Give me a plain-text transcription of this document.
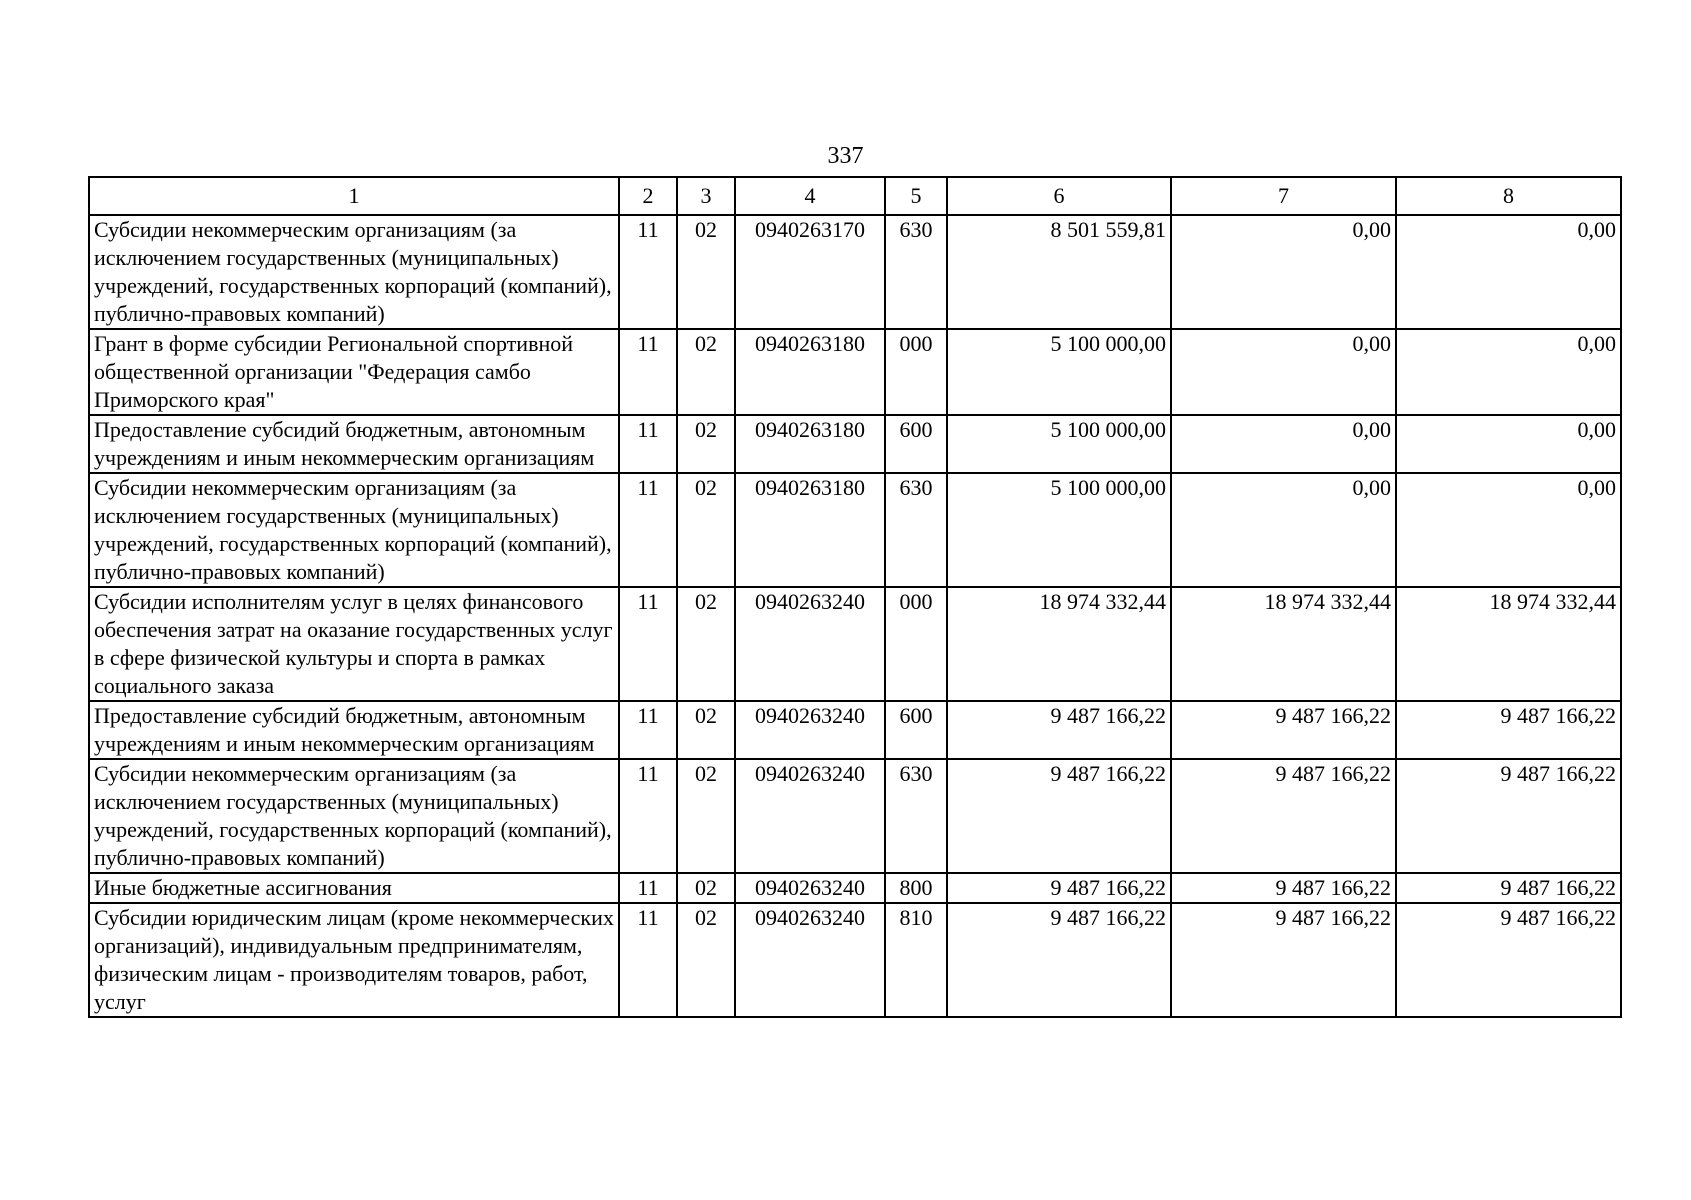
337
1	2	3	4	5	6	7	8
Субсидии некоммерческим организациям (за исключением государственных (муниципальных) учреждений, государственных корпораций (компаний), публично-правовых компаний)	11	02	0940263170	630	8 501 559,81	0,00	0,00
Грант в форме субсидии Региональной спортивной общественной организации "Федерация самбо Приморского края"	11	02	0940263180	000	5 100 000,00	0,00	0,00
Предоставление субсидий бюджетным, автономным учреждениям и иным некоммерческим организациям	11	02	0940263180	600	5 100 000,00	0,00	0,00
Субсидии некоммерческим организациям (за исключением государственных (муниципальных) учреждений, государственных корпораций (компаний), публично-правовых компаний)	11	02	0940263180	630	5 100 000,00	0,00	0,00
Субсидии исполнителям услуг в целях финансового обеспечения затрат на оказание государственных услуг в сфере физической культуры и спорта в рамках социального заказа	11	02	0940263240	000	18 974 332,44	18 974 332,44	18 974 332,44
Предоставление субсидий бюджетным, автономным учреждениям и иным некоммерческим организациям	11	02	0940263240	600	9 487 166,22	9 487 166,22	9 487 166,22
Субсидии некоммерческим организациям (за исключением государственных (муниципальных) учреждений, государственных корпораций (компаний), публично-правовых компаний)	11	02	0940263240	630	9 487 166,22	9 487 166,22	9 487 166,22
Иные бюджетные ассигнования	11	02	0940263240	800	9 487 166,22	9 487 166,22	9 487 166,22
Субсидии юридическим лицам (кроме некоммерческих организаций), индивидуальным предпринимателям, физическим лицам - производителям товаров, работ, услуг	11	02	0940263240	810	9 487 166,22	9 487 166,22	9 487 166,22
